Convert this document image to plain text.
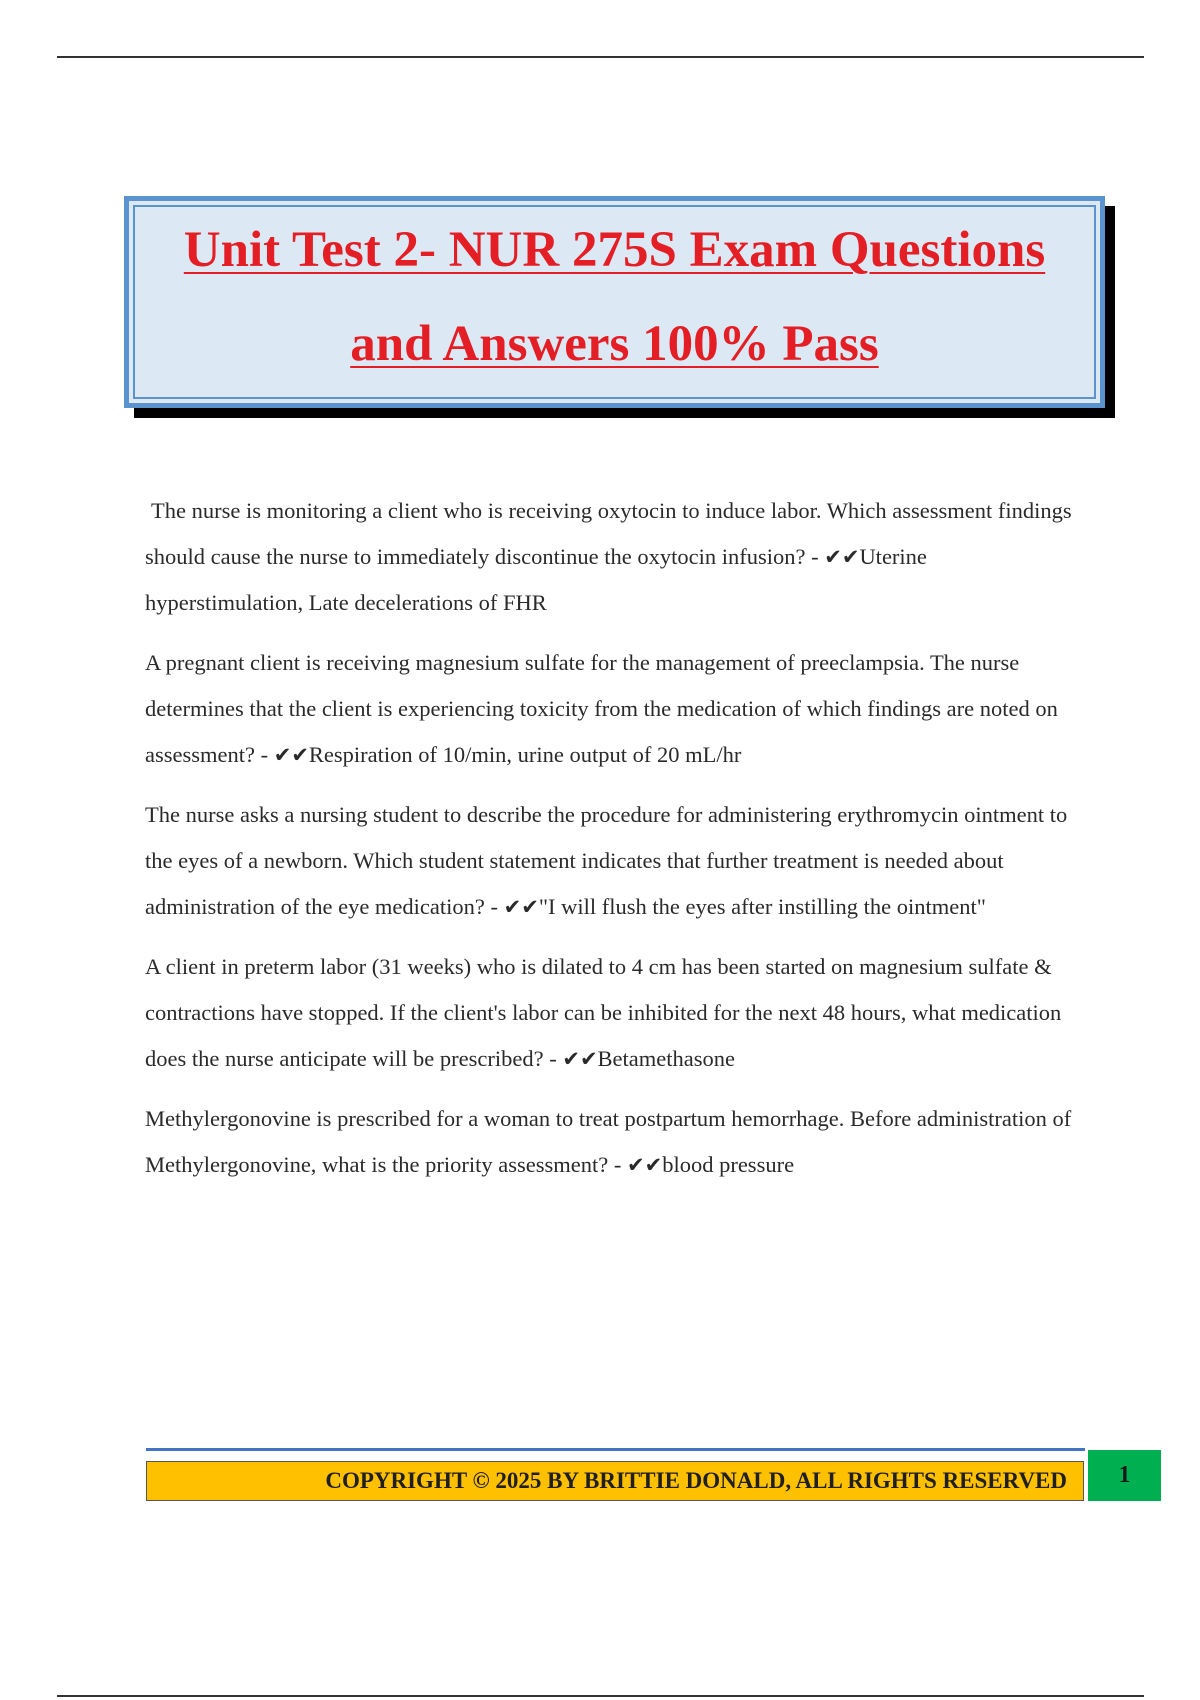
Unit Test 2- NUR 275S Exam Questions
and Answers 100% Pass

The nurse is monitoring a client who is receiving oxytocin to induce labor. Which assessment findings should cause the nurse to immediately discontinue the oxytocin infusion? - ✔✔Uterine hyperstimulation, Late decelerations of FHR

A pregnant client is receiving magnesium sulfate for the management of preeclampsia. The nurse determines that the client is experiencing toxicity from the medication of which findings are noted on assessment? - ✔✔Respiration of 10/min, urine output of 20 mL/hr

The nurse asks a nursing student to describe the procedure for administering erythromycin ointment to the eyes of a newborn. Which student statement indicates that further treatment is needed about administration of the eye medication? - ✔✔"I will flush the eyes after instilling the ointment"

A client in preterm labor (31 weeks) who is dilated to 4 cm has been started on magnesium sulfate & contractions have stopped. If the client's labor can be inhibited for the next 48 hours, what medication does the nurse anticipate will be prescribed? - ✔✔Betamethasone

Methylergonovine is prescribed for a woman to treat postpartum hemorrhage. Before administration of Methylergonovine, what is the priority assessment? - ✔✔blood pressure

COPYRIGHT © 2025 BY BRITTIE DONALD, ALL RIGHTS RESERVED	1
